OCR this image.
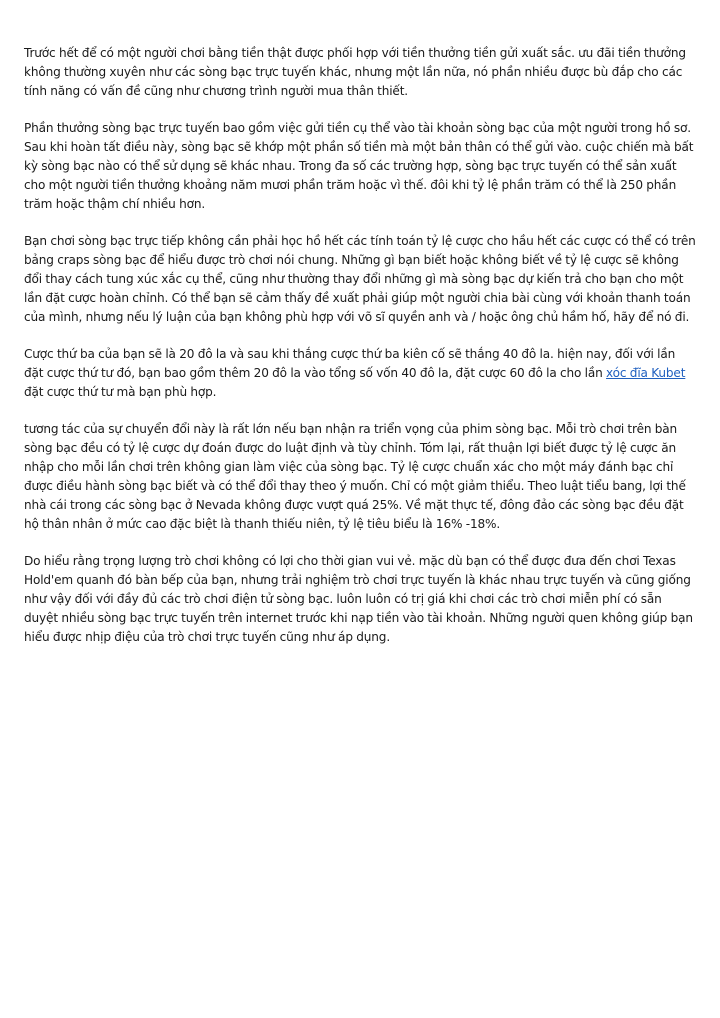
Trước hết để có một người chơi bằng tiền thật được phối hợp với tiền thưởng tiền gửi xuất sắc. ưu đãi tiền thưởng không thường xuyên như các sòng bạc trực tuyến khác, nhưng một lần nữa, nó phần nhiều được bù đắp cho các tính năng có vấn đề cũng như chương trình người mua thân thiết.

Phần thưởng sòng bạc trực tuyến bao gồm việc gửi tiền cụ thể vào tài khoản sòng bạc của một người trong hồ sơ. Sau khi hoàn tất điều này, sòng bạc sẽ khớp một phần số tiền mà một bản thân có thể gửi vào. cuộc chiến mà bất kỳ sòng bạc nào có thể sử dụng sẽ khác nhau. Trong đa số các trường hợp, sòng bạc trực tuyến có thể sản xuất cho một người tiền thưởng khoảng năm mươi phần trăm hoặc vì thế. đôi khi tỷ lệ phần trăm có thể là 250 phần trăm hoặc thậm chí nhiều hơn.

Bạn chơi sòng bạc trực tiếp không cần phải học hồ hết các tính toán tỷ lệ cược cho hầu hết các cược có thể có trên bảng craps sòng bạc để hiểu được trò chơi nói chung. Những gì bạn biết hoặc không biết về tỷ lệ cược sẽ không đổi thay cách tung xúc xắc cụ thể, cũng như thường thay đổi những gì mà sòng bạc dự kiến trả cho bạn cho một lần đặt cược hoàn chỉnh. Có thể bạn sẽ cảm thấy đề xuất phải giúp một người chia bài cùng với khoản thanh toán của mình, nhưng nếu lý luận của bạn không phù hợp với võ sĩ quyền anh và / hoặc ông chủ hầm hố, hãy để nó đi.

Cược thứ ba của bạn sẽ là 20 đô la và sau khi thắng cược thứ ba kiên cố sẽ thắng 40 đô la. hiện nay, đối với lần đặt cược thứ tư đó, bạn bao gồm thêm 20 đô la vào tổng số vốn 40 đô la, đặt cược 60 đô la cho lần xóc đĩa Kubet đặt cược thứ tư mà bạn phù hợp.

tương tác của sự chuyển đổi này là rất lớn nếu bạn nhận ra triển vọng của phim sòng bạc. Mỗi trò chơi trên bàn sòng bạc đều có tỷ lệ cược dự đoán được do luật định và tùy chỉnh. Tóm lại, rất thuận lợi biết được tỷ lệ cược ăn nhập cho mỗi lần chơi trên không gian làm việc của sòng bạc. Tỷ lệ cược chuẩn xác cho một máy đánh bạc chỉ được điều hành sòng bạc biết và có thể đổi thay theo ý muốn. Chỉ có một giảm thiểu. Theo luật tiểu bang, lợi thế nhà cái trong các sòng bạc ở Nevada không được vượt quá 25%. Về mặt thực tế, đông đảo các sòng bạc đều đặt hộ thân nhân ở mức cao đặc biệt là thanh thiếu niên, tỷ lệ tiêu biểu là 16% -18%.

Do hiểu rằng trọng lượng trò chơi không có lợi cho thời gian vui vẻ. mặc dù bạn có thể được đưa đến chơi Texas Hold'em quanh đó bàn bếp của bạn, nhưng trải nghiệm trò chơi trực tuyến là khác nhau trực tuyến và cũng giống như vậy đối với đầy đủ các trò chơi điện tử sòng bạc. luôn luôn có trị giá khi chơi các trò chơi miễn phí có sẵn duyệt nhiều sòng bạc trực tuyến trên internet trước khi nạp tiền vào tài khoản. Những người quen không giúp bạn hiểu được nhịp điệu của trò chơi trực tuyến cũng như áp dụng.
